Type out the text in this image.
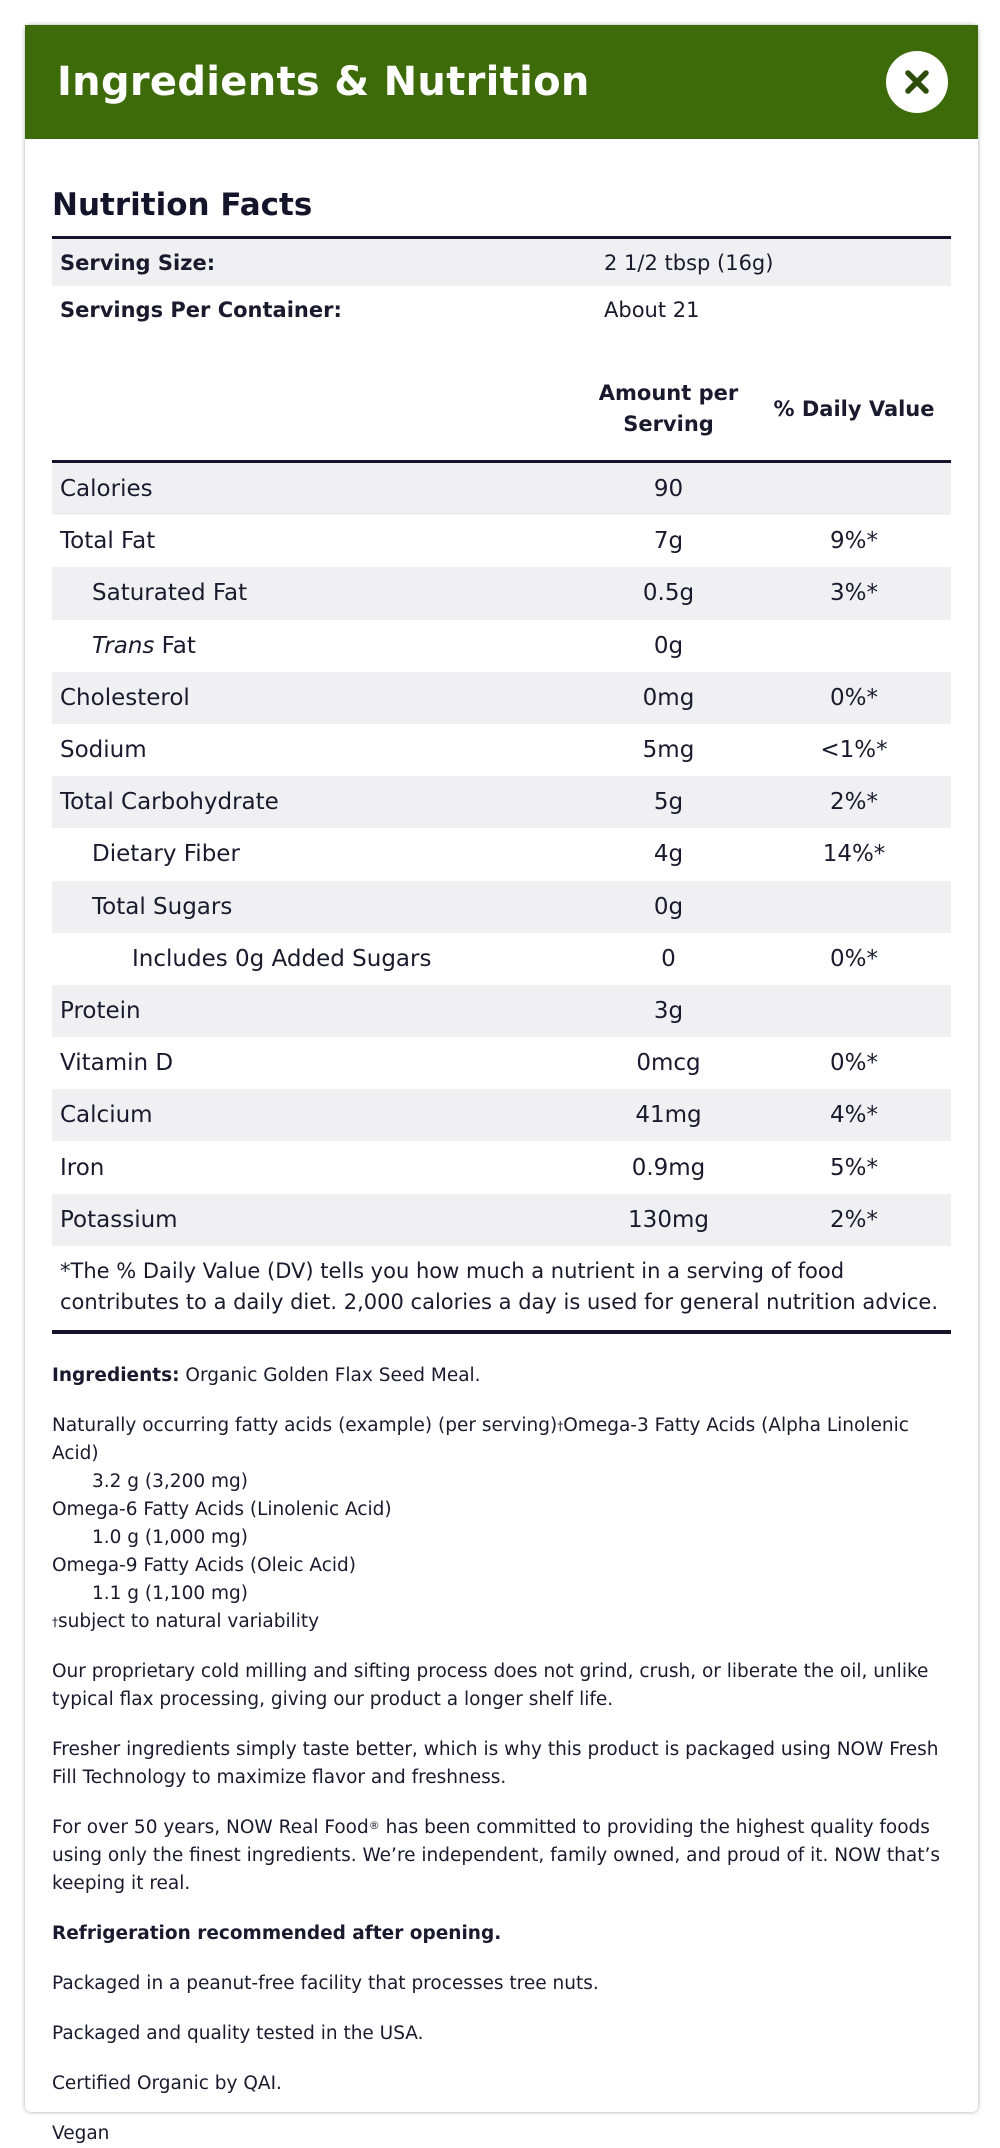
Ingredients & Nutrition
Nutrition Facts
Serving Size:	2 1/2 tbsp (16g)
Servings Per Container:	About 21
Amount per
Serving
% Daily Value
Calories	90
Total Fat	7g	9%*
Saturated Fat	0.5g	3%*
Trans Fat	0g
Cholesterol	0mg	0%*
Sodium	5mg	<1%*
Total Carbohydrate	5g	2%*
Dietary Fiber	4g	14%*
Total Sugars	0g
Includes 0g Added Sugars	0	0%*
Protein	3g
Vitamin D	0mcg	0%*
Calcium	41mg	4%*
Iron	0.9mg	5%*
Potassium	130mg	2%*
*The % Daily Value (DV) tells you how much a nutrient in a serving of food contributes to a daily diet. 2,000 calories a day is used for general nutrition advice.

Ingredients: Organic Golden Flax Seed Meal.

Naturally occurring fatty acids (example) (per serving)†Omega-3 Fatty Acids (Alpha Linolenic Acid)

3.2 g (3,200 mg)

Omega-6 Fatty Acids (Linolenic Acid)

1.0 g (1,000 mg)

Omega-9 Fatty Acids (Oleic Acid)

1.1 g (1,100 mg)

†subject to natural variability

Our proprietary cold milling and sifting process does not grind, crush, or liberate the oil, unlike typical flax processing, giving our product a longer shelf life.

Fresher ingredients simply taste better, which is why this product is packaged using NOW Fresh Fill Technology to maximize flavor and freshness.

For over 50 years, NOW Real Food® has been committed to providing the highest quality foods using only the finest ingredients. We’re independent, family owned, and proud of it. NOW that’s keeping it real.

Refrigeration recommended after opening.

Packaged in a peanut-free facility that processes tree nuts.

Packaged and quality tested in the USA.

Certified Organic by QAI.

Vegan
